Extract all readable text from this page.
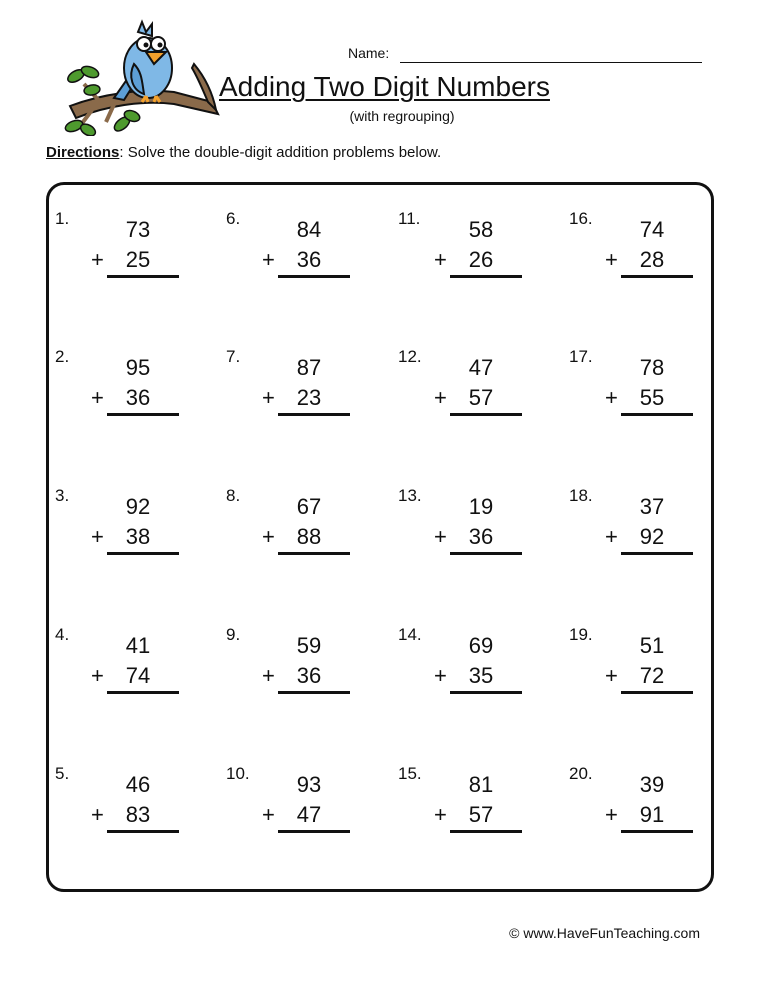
Name:
Adding Two Digit Numbers
(with regrouping)
Directions: Solve the double-digit addition problems below.
1.	73
+ 25
2.	95
+ 36
3.	92
+ 38
4.	41
+ 74
5.	46
+ 83
6.	84
+ 36
7.	87
+ 23
8.	67
+ 88
9.	59
+ 36
10. 93
+ 47
11. 58
+ 26
12. 47
+ 57
13. 19
+ 36
14. 69
+ 35
15. 81
+ 57
16. 74
+ 28
17. 78
+ 55
18. 37
+ 92
19. 51
+ 72
20. 39
+ 91
© www.HaveFunTeaching.com
